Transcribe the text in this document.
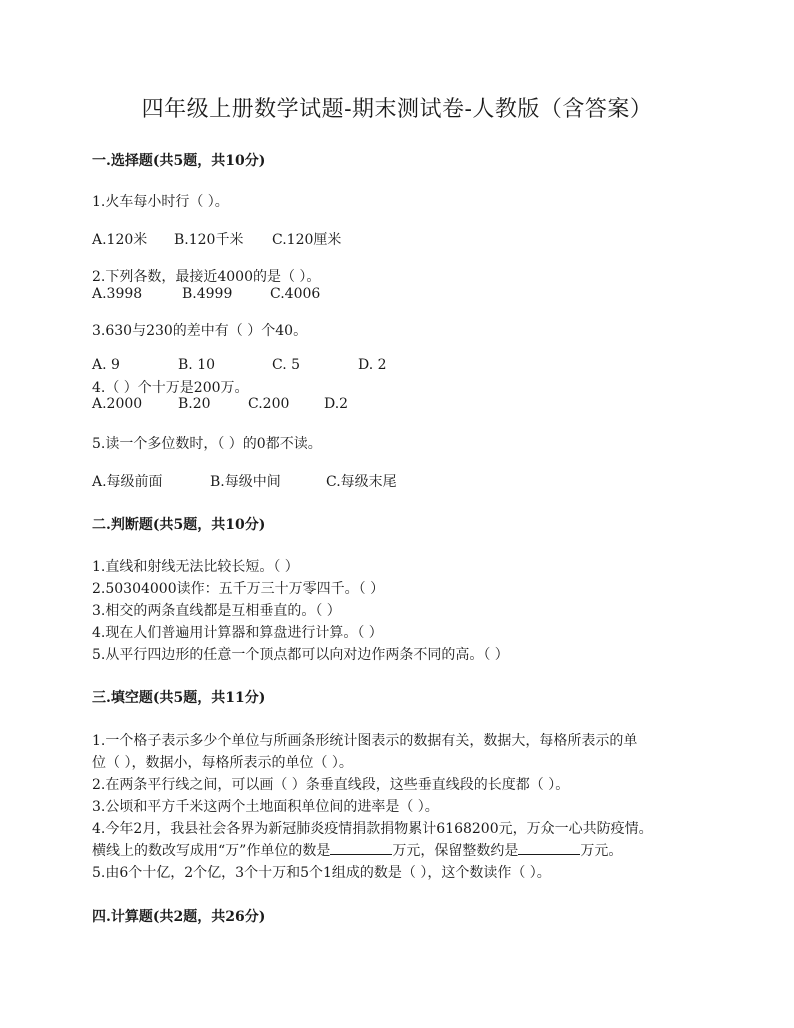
四年级上册数学试题-期末测试卷-人教版（含答案）
一.选择题(共5题，共10分)
1.火车每小时行（ ）。
A.120米 B.120千米 C.120厘米
2.下列各数，最接近4000的是（ ）。
A.3998	B.4999	C.4006
3.630与230的差中有（ ）个40。
A. 9	B. 10	C. 5	D. 2
4.（ ）个十万是200万。
A.2000	B.20	C.200 D.2
5.读一个多位数时，（ ）的0都不读。
A.每级前面	B.每级中间	C.每级末尾
二.判断题(共5题，共10分)
1.直线和射线无法比较长短。（ ）
2.50304000读作：五千万三十万零四千。（ ）
3.相交的两条直线都是互相垂直的。（ ）
4.现在人们普遍用计算器和算盘进行计算。（ ）
5.从平行四边形的任意一个顶点都可以向对边作两条不同的高。（ ）
三.填空题(共5题，共11分)
1.一个格子表示多少个单位与所画条形统计图表示的数据有关，数据大，每格所表示的单
位（ ），数据小，每格所表示的单位（ ）。
2.在两条平行线之间，可以画（ ）条垂直线段，这些垂直线段的长度都（ ）。
3.公顷和平方千米这两个土地面积单位间的进率是（ ）。
4.今年2月，我县社会各界为新冠肺炎疫情捐款捐物累计6168200元，万众一心共防疫情。
横线上的数改写成用“万”作单位的数是	万元，保留整数约是	万元。
5.由6个十亿，2个亿，3个十万和5个1组成的数是（ ），这个数读作（ ）。
四.计算题(共2题，共26分)
